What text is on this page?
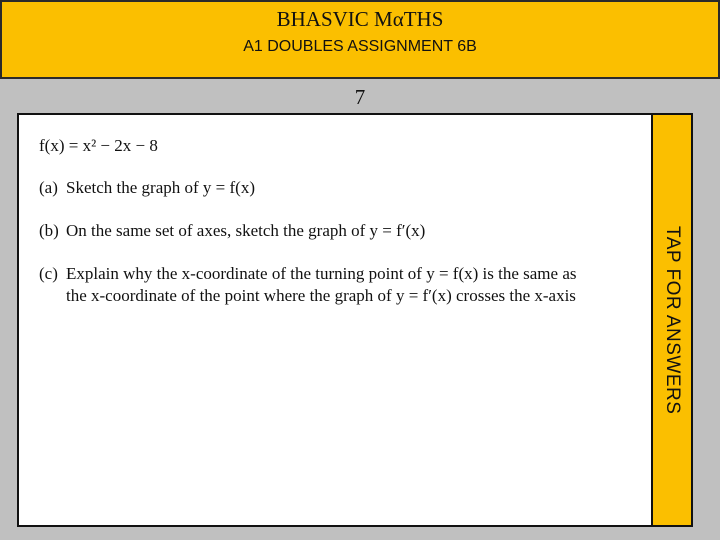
BHASVIC MαTHS
A1 DOUBLES ASSIGNMENT 6B
7
f(x) = x² − 2x − 8
(a) Sketch the graph of y = f(x)
(b) On the same set of axes, sketch the graph of y = f′(x)
(c) Explain why the x-coordinate of the turning point of y = f(x) is the same as
the x-coordinate of the point where the graph of y = f′(x) crosses the x-axis	TAP FOR ANSWERS
